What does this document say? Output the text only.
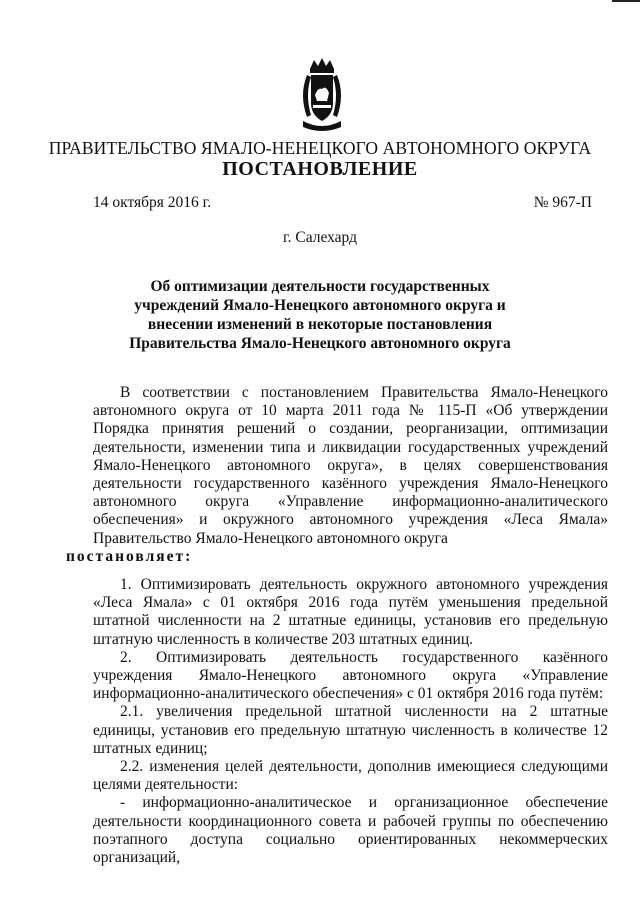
ПРАВИТЕЛЬСТВО ЯМАЛО-НЕНЕЦКОГО АВТОНОМНОГО ОКРУГА
ПОСТАНОВЛЕНИЕ
14 октября 2016 г.	№ 967-П
г. Салехард
Об оптимизации деятельности государственных учреждений Ямало-Ненецкого автономного округа и внесении изменений в некоторые постановления Правительства Ямало-Ненецкого автономного округа

В соответствии с постановлением Правительства Ямало-Ненецкого автономного округа от 10 марта 2011 года № 115-П «Об утверждении Порядка принятия решений о создании, реорганизации, оптимизации деятельности, изменении типа и ликвидации государственных учреждений Ямало-Ненецкого автономного округа», в целях совершенствования деятельности государственного казённого учреждения Ямало-Ненецкого автономного округа «Управление информационно-аналитического обеспечения» и окружного автономного учреждения «Леса Ямала» Правительство Ямало-Ненецкого автономного округа
постановляет:

1. Оптимизировать деятельность окружного автономного учреждения «Леса Ямала» с 01 октября 2016 года путём уменьшения предельной штатной численности на 2 штатные единицы, установив его предельную штатную численность в количестве 203 штатных единиц.

2. Оптимизировать деятельность государственного казённого учреждения Ямало-Ненецкого автономного округа «Управление информационно-аналитического обеспечения» с 01 октября 2016 года путём:

2.1. увеличения предельной штатной численности на 2 штатные единицы, установив его предельную штатную численность в количестве 12 штатных единиц;

2.2. изменения целей деятельности, дополнив имеющиеся следующими целями деятельности:

- информационно-аналитическое и организационное обеспечение деятельности координационного совета и рабочей группы по обеспечению поэтапного доступа социально ориентированных некоммерческих организаций,
